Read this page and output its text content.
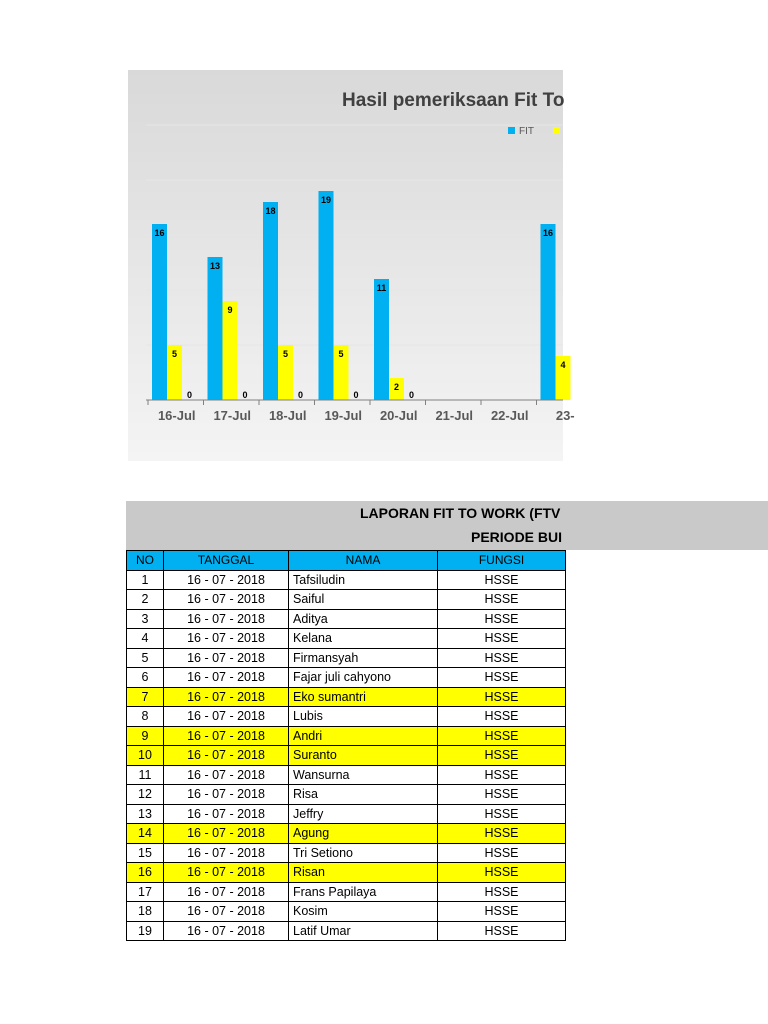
Hasil pemeriksaan Fit To
FIT
16
5
0
13
9
0
18
5
0
19
5
0
11
2
0
16
4
16-Jul 17-Jul 18-Jul 19-Jul 20-Jul 21-Jul 22-Jul 23-
LAPORAN FIT TO WORK (FTV
PERIODE BUI
NO	TANGGAL	NAMA	FUNGSI
1	16 - 07 - 2018	Tafsiludin	HSSE
2	16 - 07 - 2018	Saiful	HSSE
3	16 - 07 - 2018	Aditya	HSSE
4	16 - 07 - 2018	Kelana	HSSE
5	16 - 07 - 2018	Firmansyah	HSSE
6	16 - 07 - 2018	Fajar juli cahyono	HSSE
7	16 - 07 - 2018	Eko sumantri	HSSE
8	16 - 07 - 2018	Lubis	HSSE
9	16 - 07 - 2018	Andri	HSSE
10	16 - 07 - 2018	Suranto	HSSE
11	16 - 07 - 2018	Wansurna	HSSE
12	16 - 07 - 2018	Risa	HSSE
13	16 - 07 - 2018	Jeffry	HSSE
14	16 - 07 - 2018	Agung	HSSE
15	16 - 07 - 2018	Tri Setiono	HSSE
16	16 - 07 - 2018	Risan	HSSE
17	16 - 07 - 2018	Frans Papilaya	HSSE
18	16 - 07 - 2018	Kosim	HSSE
19	16 - 07 - 2018	Latif Umar	HSSE
